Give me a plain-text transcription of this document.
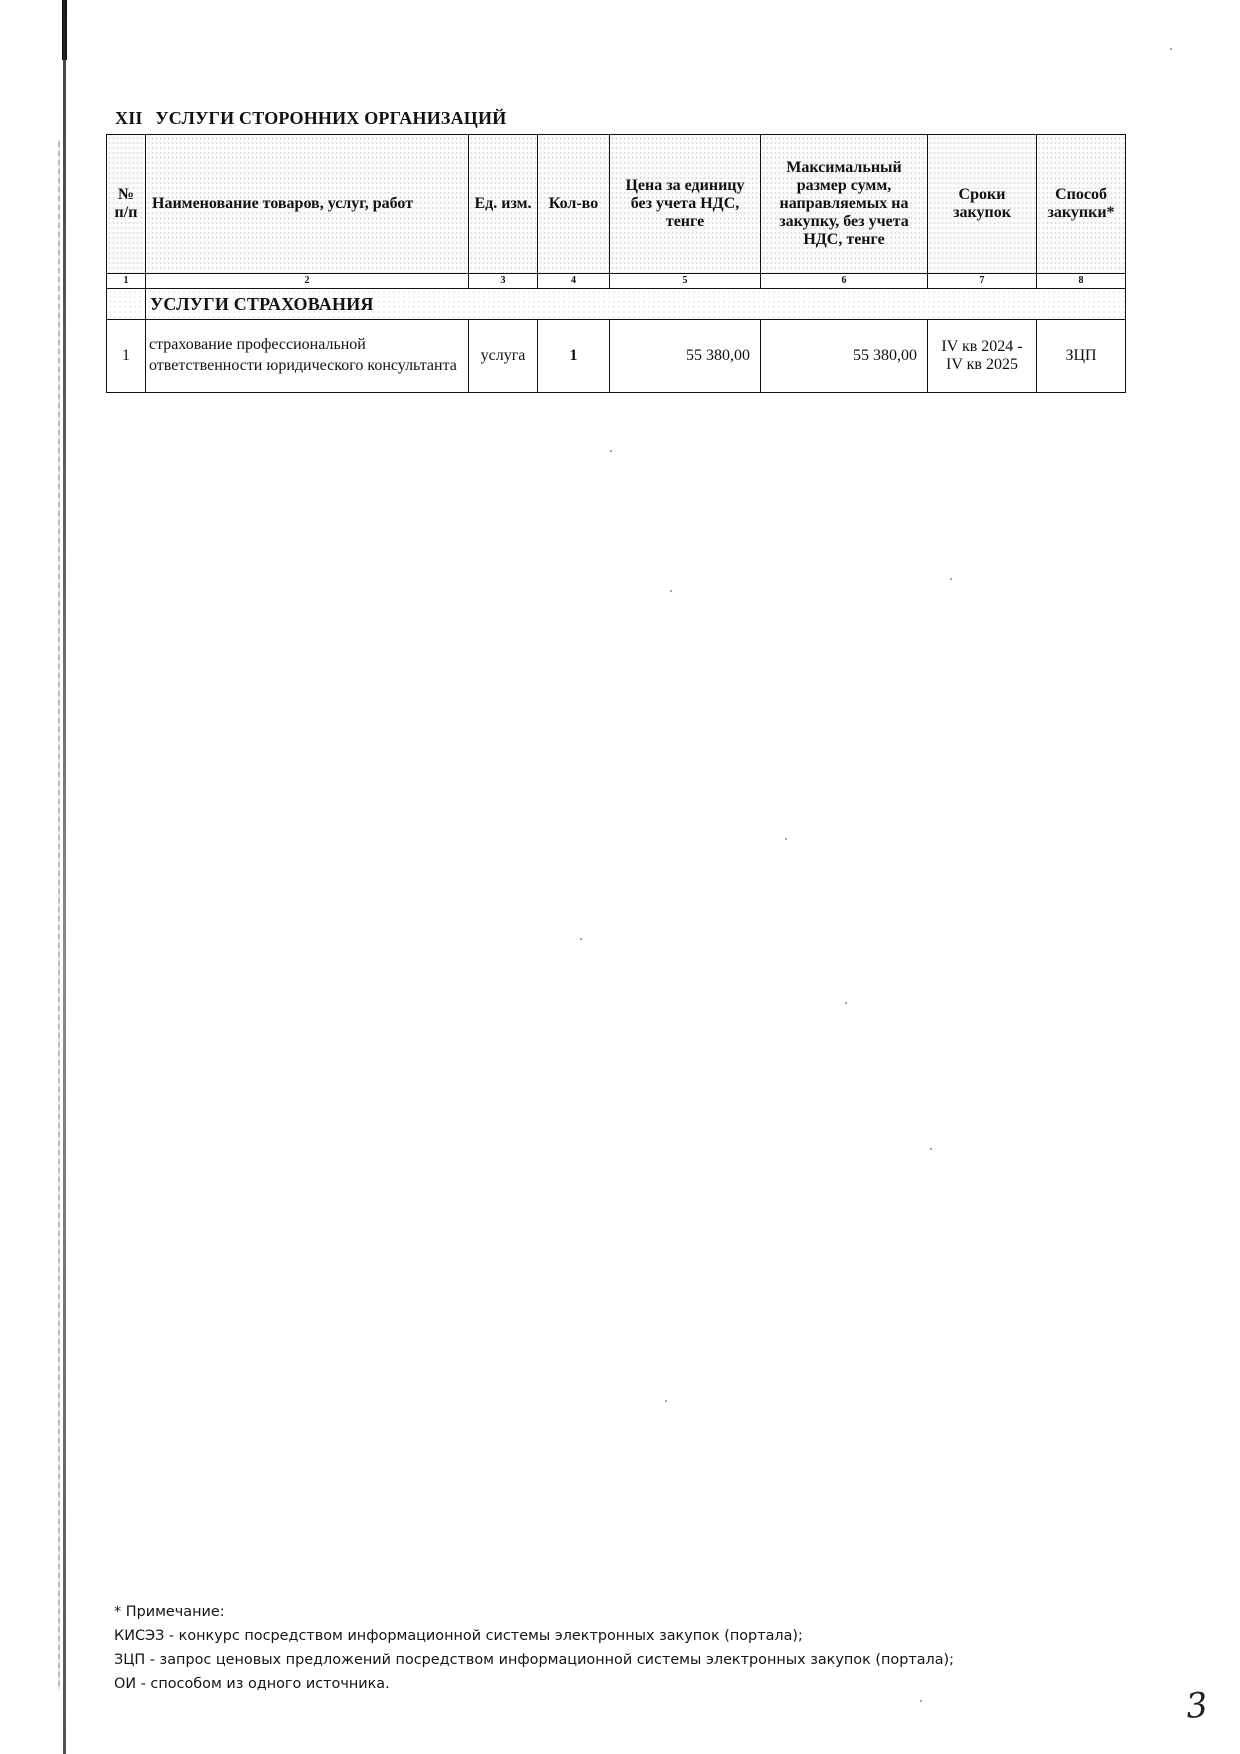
XII УСЛУГИ СТОРОННИХ ОРГАНИЗАЦИЙ
№ п/п	Наименование товаров, услуг, работ	Ед. изм.	Кол-во	Цена за единицу без учета НДС, тенге	Максимальный размер сумм, направляемых на закупку, без учета НДС, тенге	Сроки закупок	Способ закупки*
1	2	3	4	5	6	7	8
	УСЛУГИ СТРАХОВАНИЯ						
1	страхование профессиональной ответственности юридического консультанта	услуга	1	55 380,00	55 380,00	IV кв 2024 - IV кв 2025	ЗЦП
* Примечание:
КИСЭЗ - конкурс посредством информационной системы электронных закупок (портала);
ЗЦП - запрос ценовых предложений посредством информационной системы электронных закупок (портала);
ОИ - способом из одного источника.
3
